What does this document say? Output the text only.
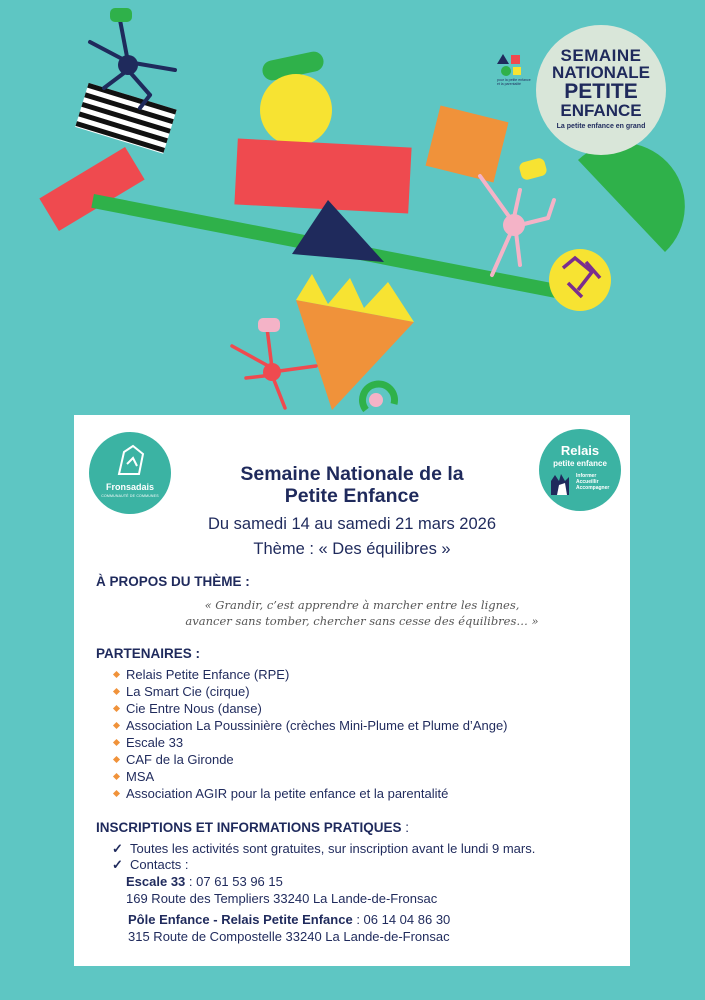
pour la petite enfance et la parentalité
SEMAINE
NATIONALE
PETITE
ENFANCE
La petite enfance en grand
Fronsadais
COMMUNAUTÉ DE COMMUNES
Relais
petite enfance
Informer
Accueillir
Accompagner
Semaine Nationale de la
Petite Enfance
Du samedi 14 au samedi 21 mars 2026
Thème : « Des équilibres »
À PROPOS DU THÈME :
« Grandir, c’est apprendre à marcher entre les lignes,
avancer sans tomber, chercher sans cesse des équilibres… »
PARTENAIRES :
Relais Petite Enfance (RPE)
La Smart Cie (cirque)
Cie Entre Nous (danse)
Association La Poussinière (crèches Mini-Plume et Plume d’Ange)
Escale 33
CAF de la Gironde
MSA
Association AGIR pour la petite enfance et la parentalité
INSCRIPTIONS ET INFORMATIONS PRATIQUES :
✓ Toutes les activités sont gratuites, sur inscription avant le lundi 9 mars.
✓ Contacts :
Escale 33 : 07 61 53 96 15
169 Route des Templiers 33240 La Lande-de-Fronsac
Pôle Enfance - Relais Petite Enfance : 06 14 04 86 30
315 Route de Compostelle 33240 La Lande-de-Fronsac
